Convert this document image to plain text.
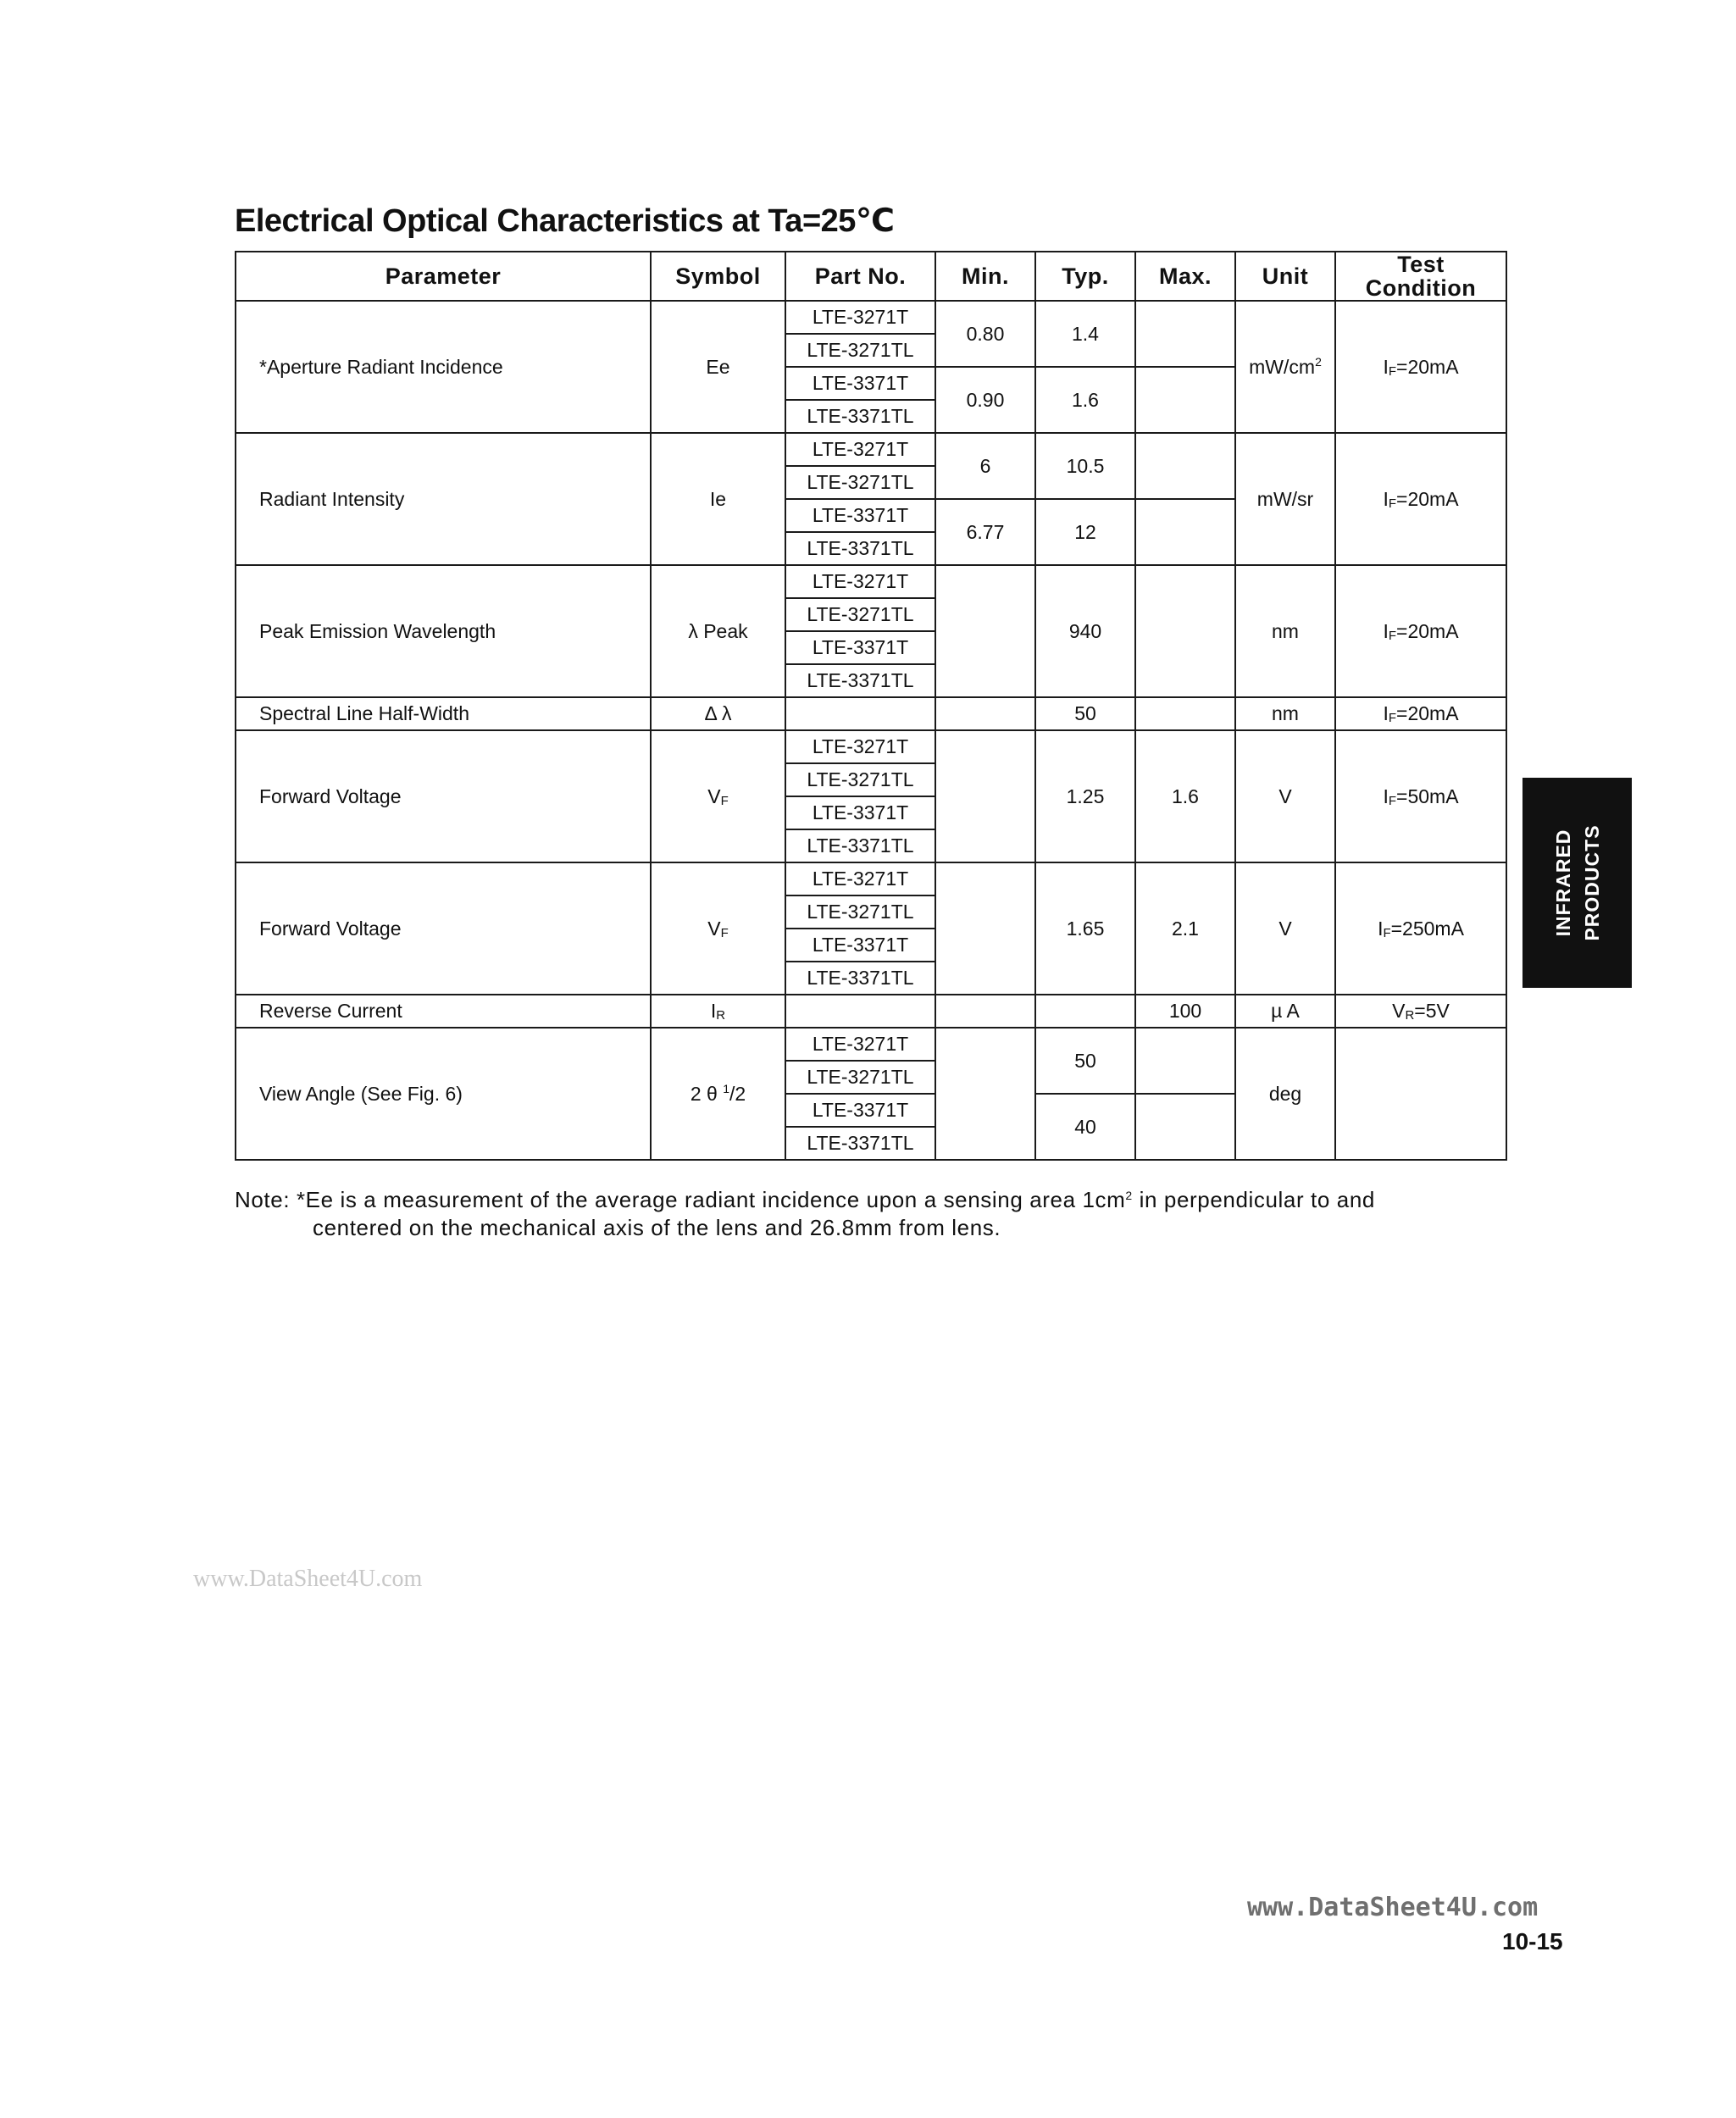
Electrical Optical Characteristics at Ta=25℃
Parameter	Symbol	Part No.	Min.	Typ.	Max.	Unit	Test
Condition
*Aperture Radiant Incidence	Ee	LTE-3271T	0.80	1.4		$mW/cm^2$	$I_F=20mA$
		LTE-3271TL					
		LTE-3371T	0.90	1.6			
		LTE-3371TL					
Radiant Intensity	Ie	LTE-3271T	6	10.5		mW/sr	$I_F=20mA$
		LTE-3271TL					
		LTE-3371T	6.77	12			
		LTE-3371TL					
Peak Emission Wavelength	λ Peak	LTE-3271T		940		nm	$I_F=20mA$
		LTE-3271TL					
		LTE-3371T					
		LTE-3371TL					
Spectral Line Half-Width	Δ λ			50		nm	$I_F=20mA$
Forward Voltage	$V_F$	LTE-3271T		1.25	1.6	V	$I_F=50mA$
		LTE-3271TL					
		LTE-3371T					
		LTE-3371TL					
Forward Voltage	$V_F$	LTE-3271T		1.65	2.1	V	$I_F=250mA$
		LTE-3271TL					
		LTE-3371T					
		LTE-3371TL					
Reverse Current	$I_R$				100	µ A	$V_R=5V$
View Angle (See Fig. 6)	2 θ $^1$/2	LTE-3271T		50		deg	
		LTE-3271TL					
		LTE-3371T		40			
		LTE-3371TL					
Note: *Ee is a measurement of the average radiant incidence upon a sensing area $1cm^2$ in perpendicular to and
centered on the mechanical axis of the lens and 26.8mm from lens.
www.DataSheet4U.com
INFRARED PRODUCTS
www.DataSheet4U.com
10-15
